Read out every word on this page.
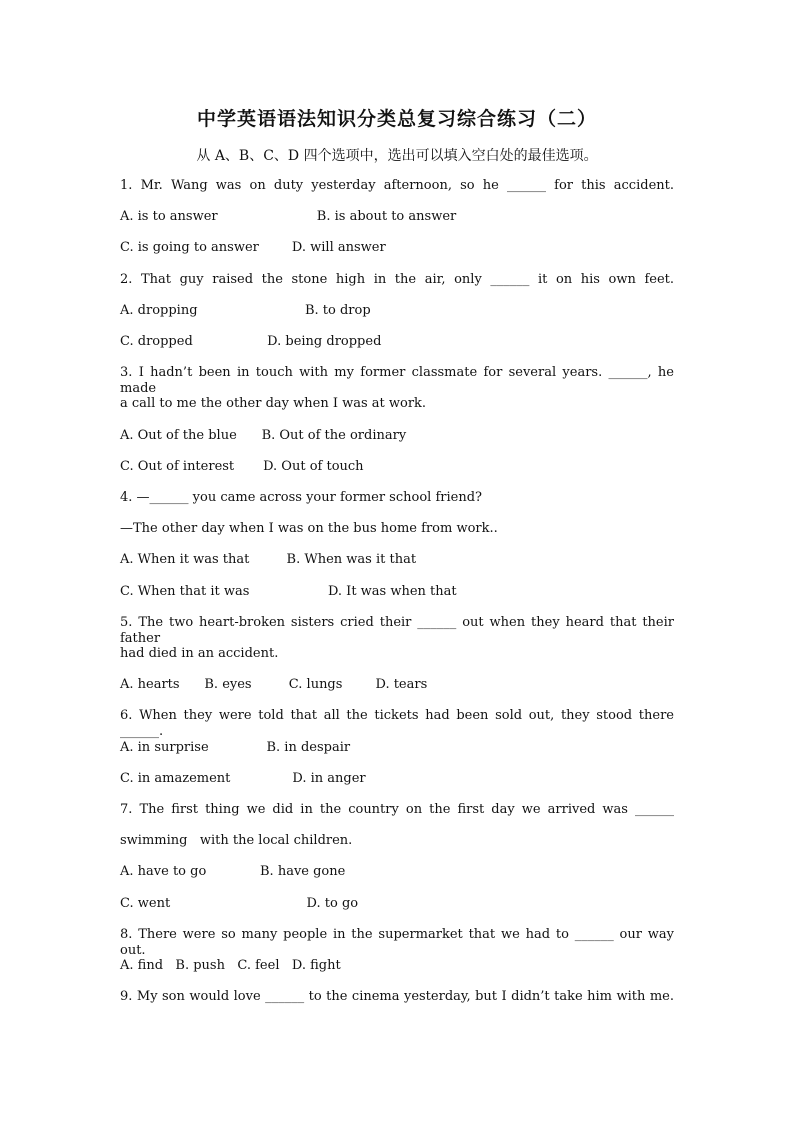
中学英语语法知识分类总复习综合练习（二）
从 A、B、C、D 四个选项中，选出可以填入空白处的最佳选项。
1. Mr. Wang was on duty yesterday afternoon, so he ______ for this accident.
A. is to answer                        B. is about to answer
C. is going to answer        D. will answer
2. That guy raised the stone high in the air, only ______ it on his own feet.
A. dropping                          B. to drop
C. dropped                  D. being dropped
3. I hadn’t been in touch with my former classmate for several years. ______, he made
a call to me the other day when I was at work.
A. Out of the blue      B. Out of the ordinary
C. Out of interest       D. Out of touch
4. —______ you came across your former school friend?
—The other day when I was on the bus home from work..
A. When it was that         B. When was it that
C. When that it was                   D. It was when that
5. The two heart-broken sisters cried their ______ out when they heard that their father
had died in an accident.
A. hearts      B. eyes         C. lungs        D. tears
6. When they were told that all the tickets had been sold out, they stood there ______.
A. in surprise              B. in despair
C. in amazement               D. in anger
7. The first thing we did in the country on the first day we arrived was ______
swimming   with the local children.
A. have to go             B. have gone
C. went                                 D. to go
8. There were so many people in the supermarket that we had to ______ our way out.
A. find   B. push   C. feel   D. fight
9. My son would love ______ to the cinema yesterday, but I didn’t take him with me.
